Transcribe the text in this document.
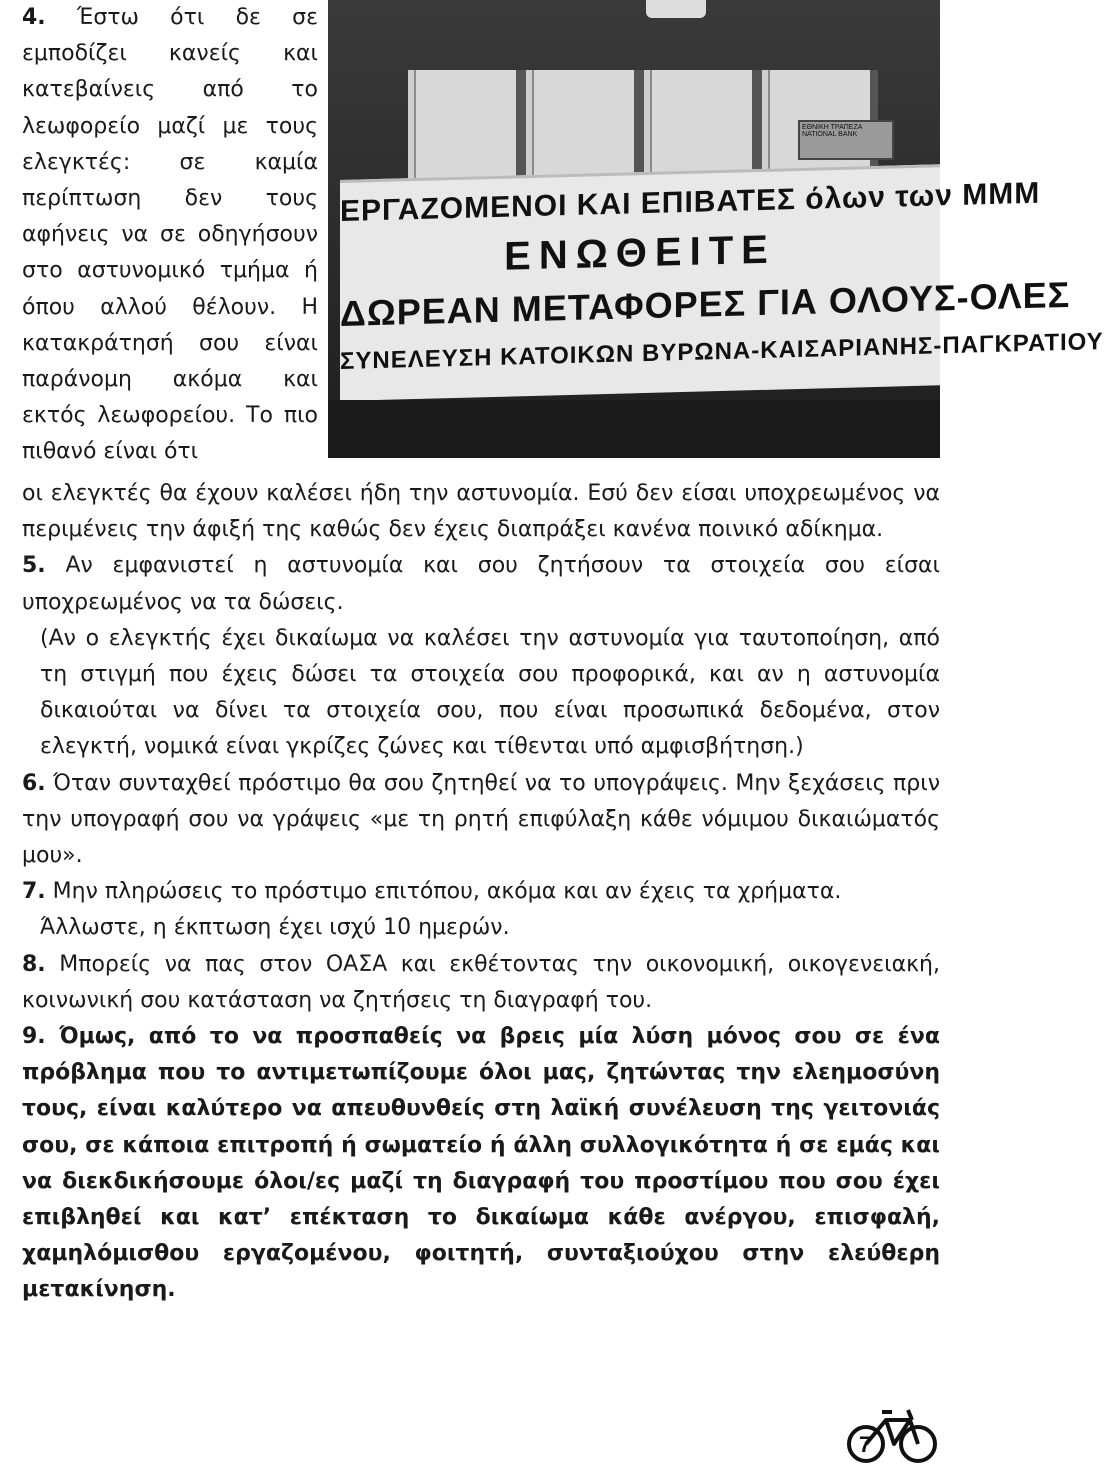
ΕΘΝΙΚΗ ΤΡΑΠΕΖΑ NATIONAL BANK
ΕΡΓΑΖΟΜΕΝΟΙ ΚΑΙ ΕΠΙΒΑΤΕΣ όλων των ΜΜΜ
ΕΝΩΘΕΙΤΕ
ΔΩΡΕΑΝ ΜΕΤΑΦΟΡΕΣ ΓΙΑ ΟΛΟΥΣ-ΟΛΕΣ
ΣΥΝΕΛΕΥΣΗ ΚΑΤΟΙΚΩΝ ΒΥΡΩΝΑ-ΚΑΙΣΑΡΙΑΝΗΣ-ΠΑΓΚΡΑΤΙΟΥ

4. Έστω ότι δε σε εμποδίζει κανείς και κατεβαίνεις από το λεωφορείο μαζί με τους ελεγκτές: σε καμία περίπτωση δεν τους αφήνεις να σε οδηγήσουν στο αστυνομικό τμήμα ή όπου αλλού θέλουν. Η κατακράτησή σου είναι παράνομη ακόμα και εκτός λεωφορείου. Το πιο πιθανό είναι ότι

οι ελεγκτές θα έχουν καλέσει ήδη την αστυνομία. Εσύ δεν είσαι υποχρεωμένος να περιμένεις την άφιξή της καθώς δεν έχεις διαπράξει κανένα ποινικό αδίκημα.

5. Αν εμφανιστεί η αστυνομία και σου ζητήσουν τα στοιχεία σου είσαι υποχρεωμένος να τα δώσεις.

(Αν ο ελεγκτής έχει δικαίωμα να καλέσει την αστυνομία για ταυτοποίηση, από τη στιγμή που έχεις δώσει τα στοιχεία σου προφορικά, και αν η αστυνομία δικαιούται να δίνει τα στοιχεία σου, που είναι προσωπικά δεδομένα, στον ελεγκτή, νομικά είναι γκρίζες ζώνες και τίθενται υπό αμφισβήτηση.)

6. Όταν συνταχθεί πρόστιμο θα σου ζητηθεί να το υπογράψεις. Μην ξεχάσεις πριν την υπογραφή σου να γράψεις «με τη ρητή επιφύλαξη κάθε νόμιμου δικαιώματός μου».

7. Μην πληρώσεις το πρόστιμο επιτόπου, ακόμα και αν έχεις τα χρήματα.

Άλλωστε, η έκπτωση έχει ισχύ 10 ημερών.

8. Μπορείς να πας στον ΟΑΣΑ και εκθέτοντας την οικονομική, οικογενειακή, κοινωνική σου κατάσταση να ζητήσεις τη διαγραφή του.

9. Όμως, από το να προσπαθείς να βρεις μία λύση μόνος σου σε ένα πρόβλημα που το αντιμετωπίζουμε όλοι μας, ζητώντας την ελεημοσύνη τους, είναι καλύτερο να απευθυνθείς στη λαϊκή συνέλευση της γειτονιάς σου, σε κάποια επιτροπή ή σωματείο ή άλλη συλλογικότητα ή σε εμάς και να διεκδικήσουμε όλοι/ες μαζί τη διαγραφή του προστίμου που σου έχει επιβληθεί και κατ’ επέκταση το δικαίωμα κάθε ανέργου, επισφαλή, χαμηλόμισθου εργαζομένου, φοιτητή, συνταξιούχου στην ελεύθερη μετακίνηση.

7
